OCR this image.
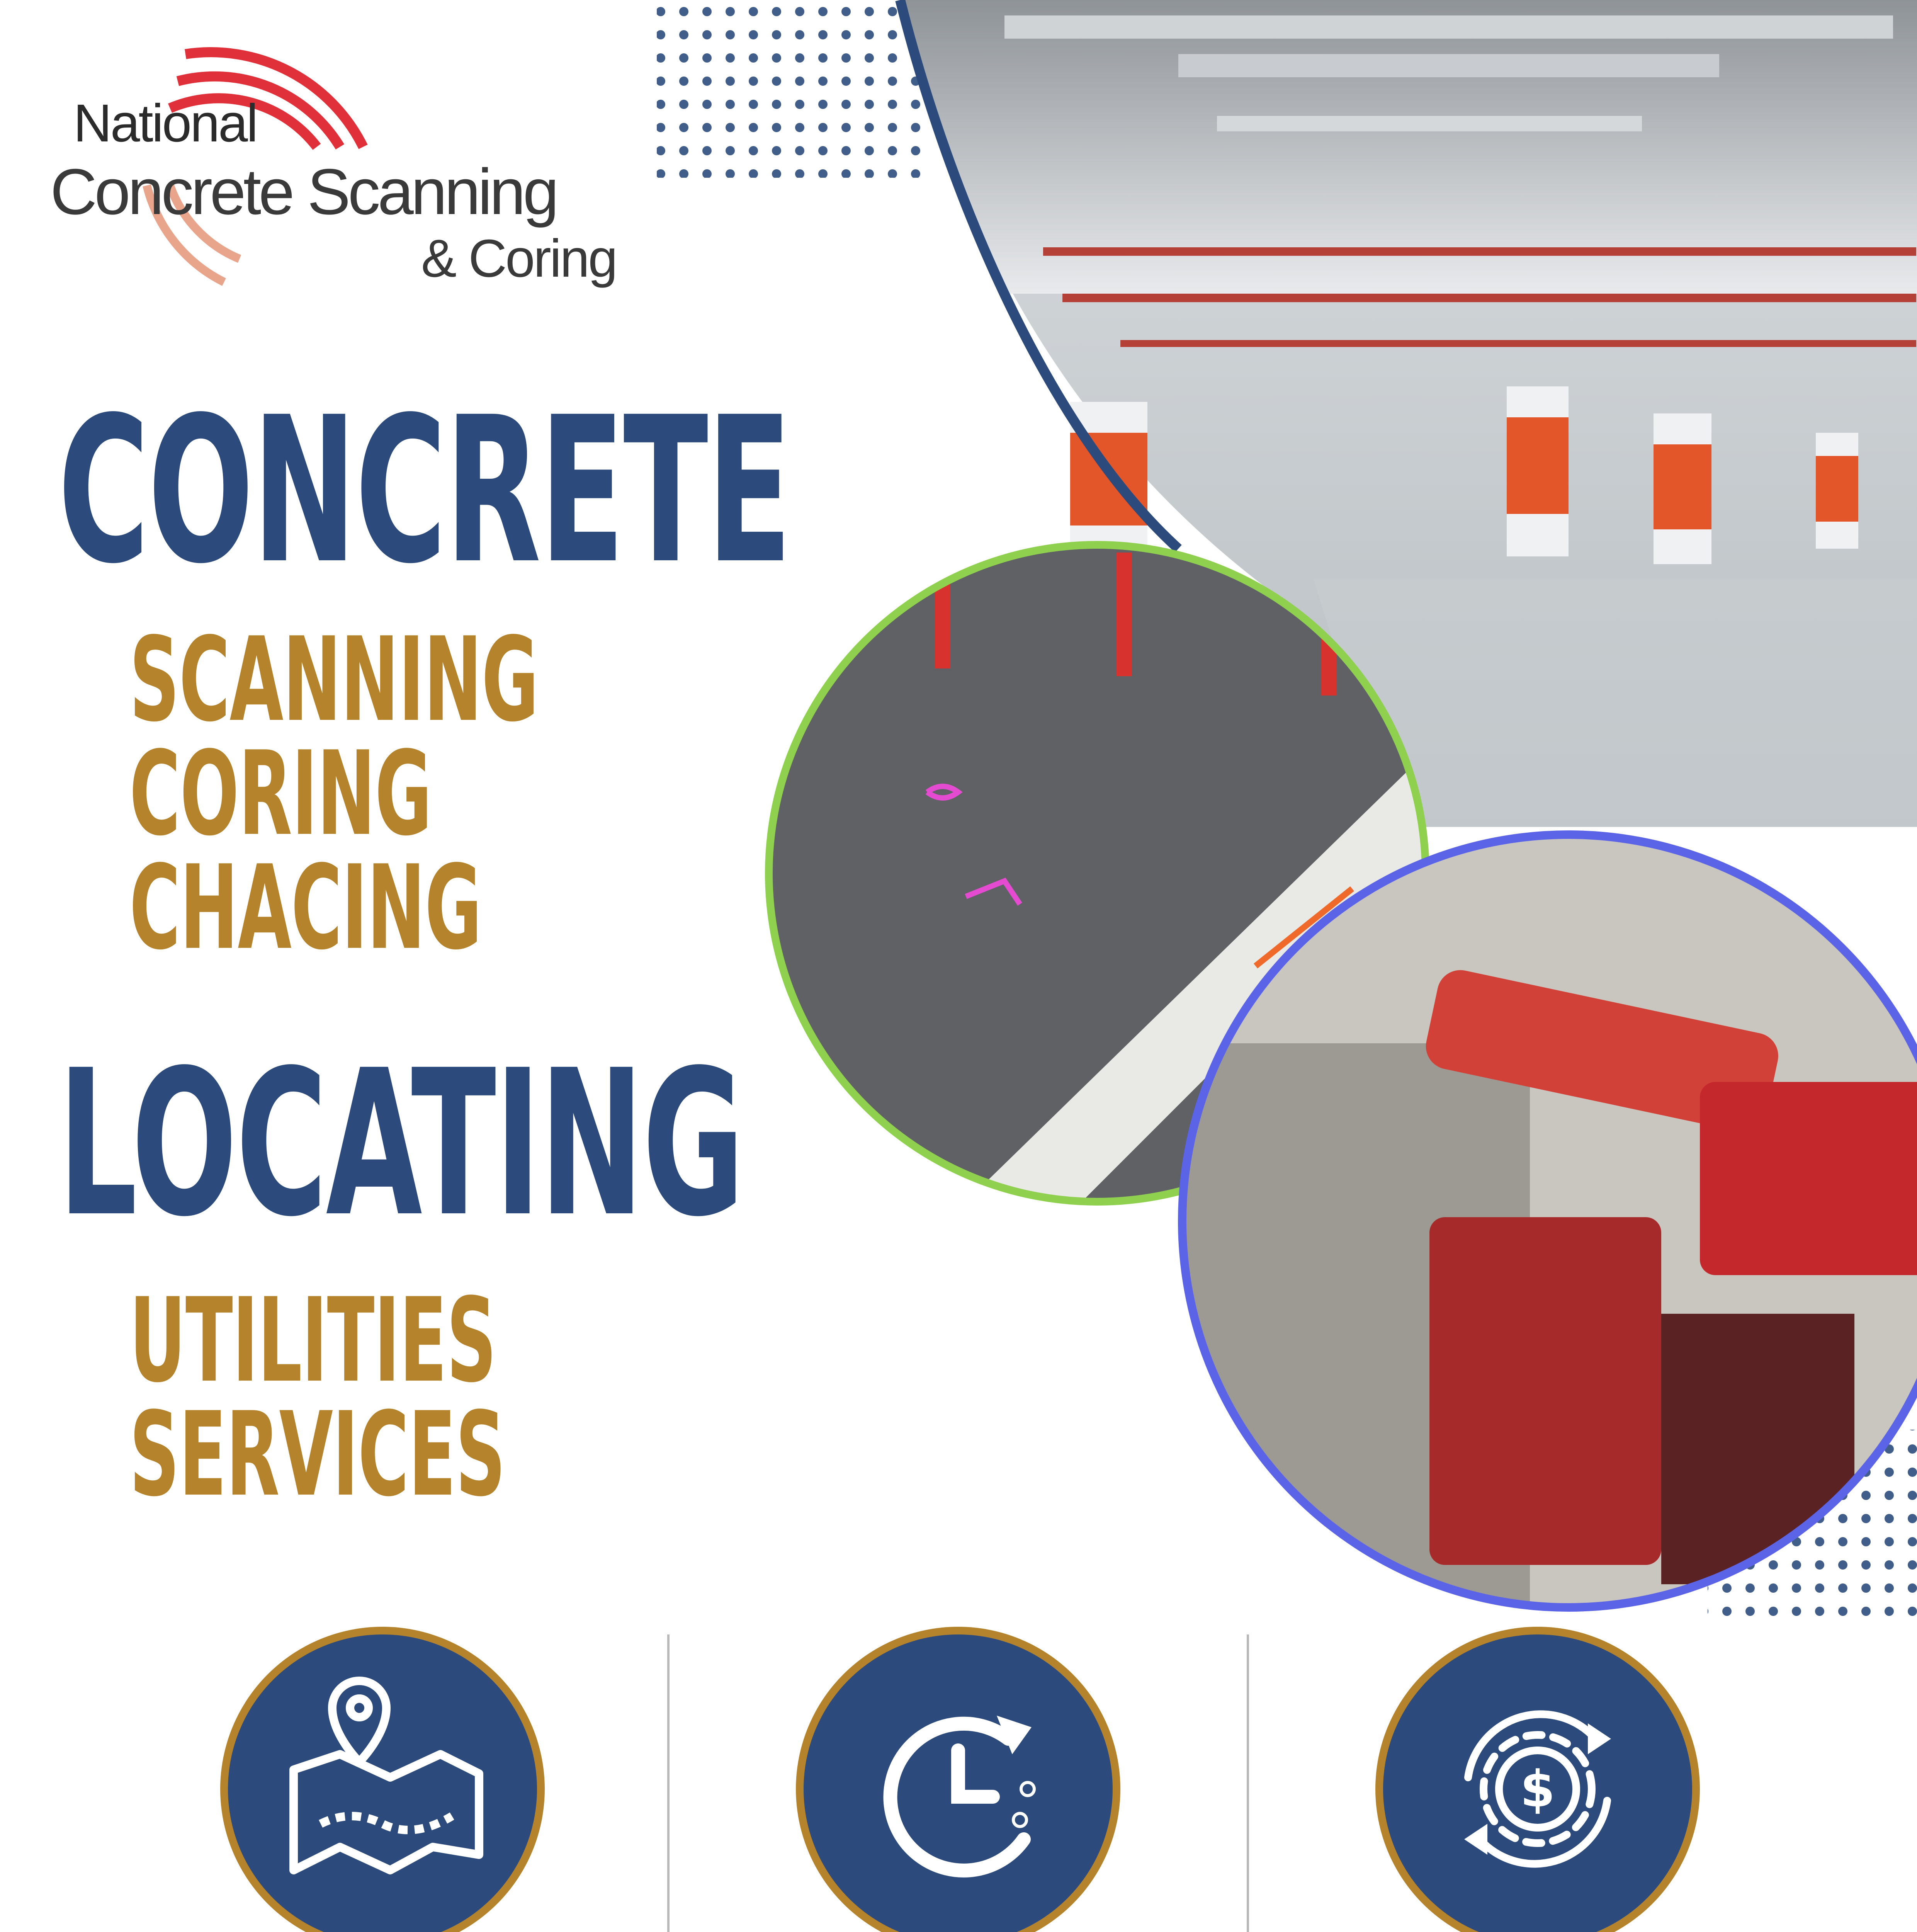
National
Concrete Scanning
& Coring
CONCRETE
SCANNING
CORING
CHACING
LOCATING
UTILITIES
SERVICES
$
